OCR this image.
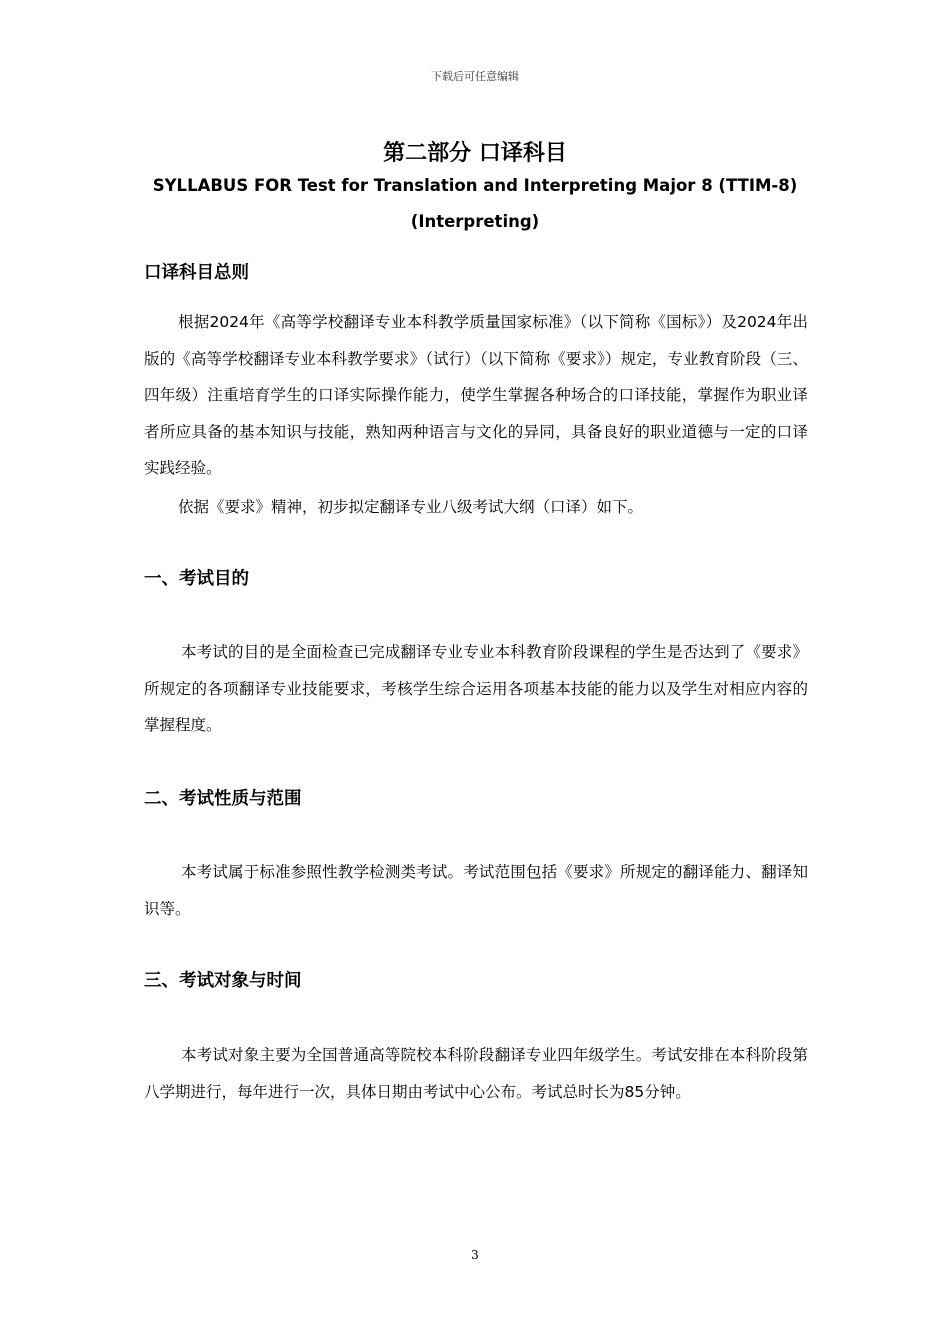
下载后可任意编辑
第二部分 口译科目
SYLLABUS FOR Test for Translation and Interpreting Major 8 (TTIM-8)
(Interpreting)
口译科目总则
根据2024年《高等学校翻译专业本科教学质量国家标准》（以下简称《国标》）及2024年出版的《高等学校翻译专业本科教学要求》（试行）（以下简称《要求》）规定，专业教育阶段（三、四年级）注重培育学生的口译实际操作能力，使学生掌握各种场合的口译技能，掌握作为职业译者所应具备的基本知识与技能，熟知两种语言与文化的异同，具备良好的职业道德与一定的口译实践经验。
依据《要求》精神，初步拟定翻译专业八级考试大纲（口译）如下。
一、考试目的
本考试的目的是全面检查已完成翻译专业专业本科教育阶段课程的学生是否达到了《要求》所规定的各项翻译专业技能要求，考核学生综合运用各项基本技能的能力以及学生对相应内容的掌握程度。
二、考试性质与范围
本考试属于标准参照性教学检测类考试。考试范围包括《要求》所规定的翻译能力、翻译知识等。
三、考试对象与时间
本考试对象主要为全国普通高等院校本科阶段翻译专业四年级学生。考试安排在本科阶段第八学期进行，每年进行一次，具体日期由考试中心公布。考试总时长为85分钟。
3
